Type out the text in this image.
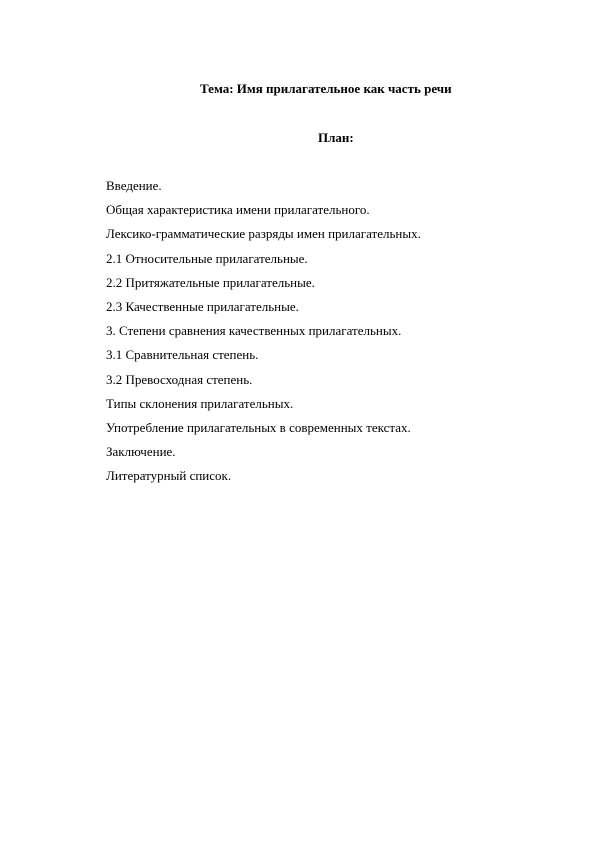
Тема: Имя прилагательное как часть речи
План:
Введение.
Общая характеристика имени прилагательного.
Лексико-грамматические разряды имен прилагательных.
2.1 Относительные прилагательные.
2.2 Притяжательные прилагательные.
2.3 Качественные прилагательные.
3. Степени сравнения качественных прилагательных.
3.1 Сравнительная степень.
3.2 Превосходная степень.
Типы склонения прилагательных.
Употребление прилагательных в современных текстах.
Заключение.
Литературный список.
